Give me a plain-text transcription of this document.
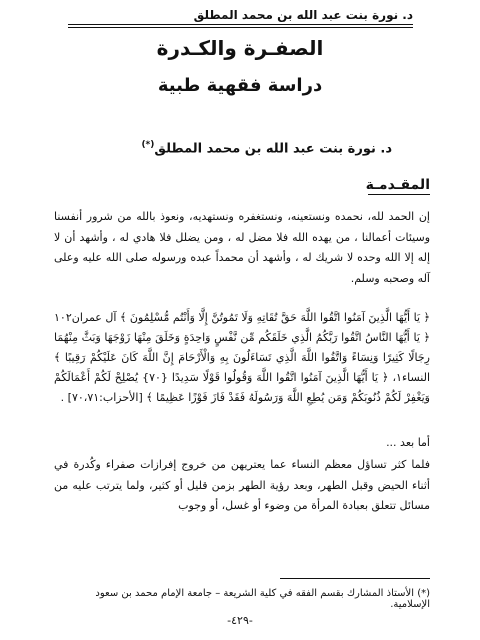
د. نورة بنت عبد الله بن محمد المطلق
الصفـرة والكـدرة
دراسة فقهية طبية
د. نورة بنت عبد الله بن محمد المطلق(*)
المقـدمـة
إن الحمد لله، نحمده ونستعينه، ونستغفره ونستهديه، ونعوذ بالله من شرور أنفسنا وسيئات أعمالنا ، من يهده الله فلا مضل له ، ومن يضلل فلا هادي له ، وأشهد أن لا إله إلا الله وحده لا شريك له ، وأشهد أن محمداً عبده ورسوله صلى الله عليه وعلى آله وصحبه وسلم.
﴿ يَا أَيُّهَا الَّذِينَ آمَنُوا اتَّقُوا اللَّهَ حَقَّ تُقَاتِهِ وَلَا تَمُوتُنَّ إِلَّا وَأَنْتُم مُّسْلِمُونَ ﴾ آل عمران١٠٢ ﴿ يَا أَيُّهَا النَّاسُ اتَّقُوا رَبَّكُمُ الَّذِي خَلَقَكُم مِّن نَّفْسٍ وَاحِدَةٍ وَخَلَقَ مِنْهَا زَوْجَهَا وَبَثَّ مِنْهُمَا رِجَالًا كَثِيرًا وَنِسَاءً وَاتَّقُوا اللَّهَ الَّذِي تَسَاءَلُونَ بِهِ وَالْأَرْحَامَ إِنَّ اللَّهَ كَانَ عَلَيْكُمْ رَقِيبًا ﴾ النساء١، ﴿ يَا أَيُّهَا الَّذِينَ آمَنُوا اتَّقُوا اللَّهَ وَقُولُوا قَوْلًا سَدِيدًا {٧٠} يُصْلِحْ لَكُمْ أَعْمَالَكُمْ وَيَغْفِرْ لَكُمْ ذُنُوبَكُمْ وَمَن يُطِعِ اللَّهَ وَرَسُولَهُ فَقَدْ فَازَ فَوْزًا عَظِيمًا ﴾ [الأحزاب:٧٠،٧١] .
أما بعد ...
فلما كثر تساؤل معظم النساء عما يعتريهن من خروج إفرازات صفراء وكُدرة في أثناء الحيض وقبل الطهر، وبعد رؤية الطهر بزمن قليل أو كثير، ولما يترتب عليه من مسائل تتعلق بعبادة المرأة من وضوء أو غسل، أو وجوب
(*) الأستاذ المشارك بقسم الفقه في كلية الشريعة – جامعة الإمام محمد بن سعود الإسلامية.
-٤٢٩-
